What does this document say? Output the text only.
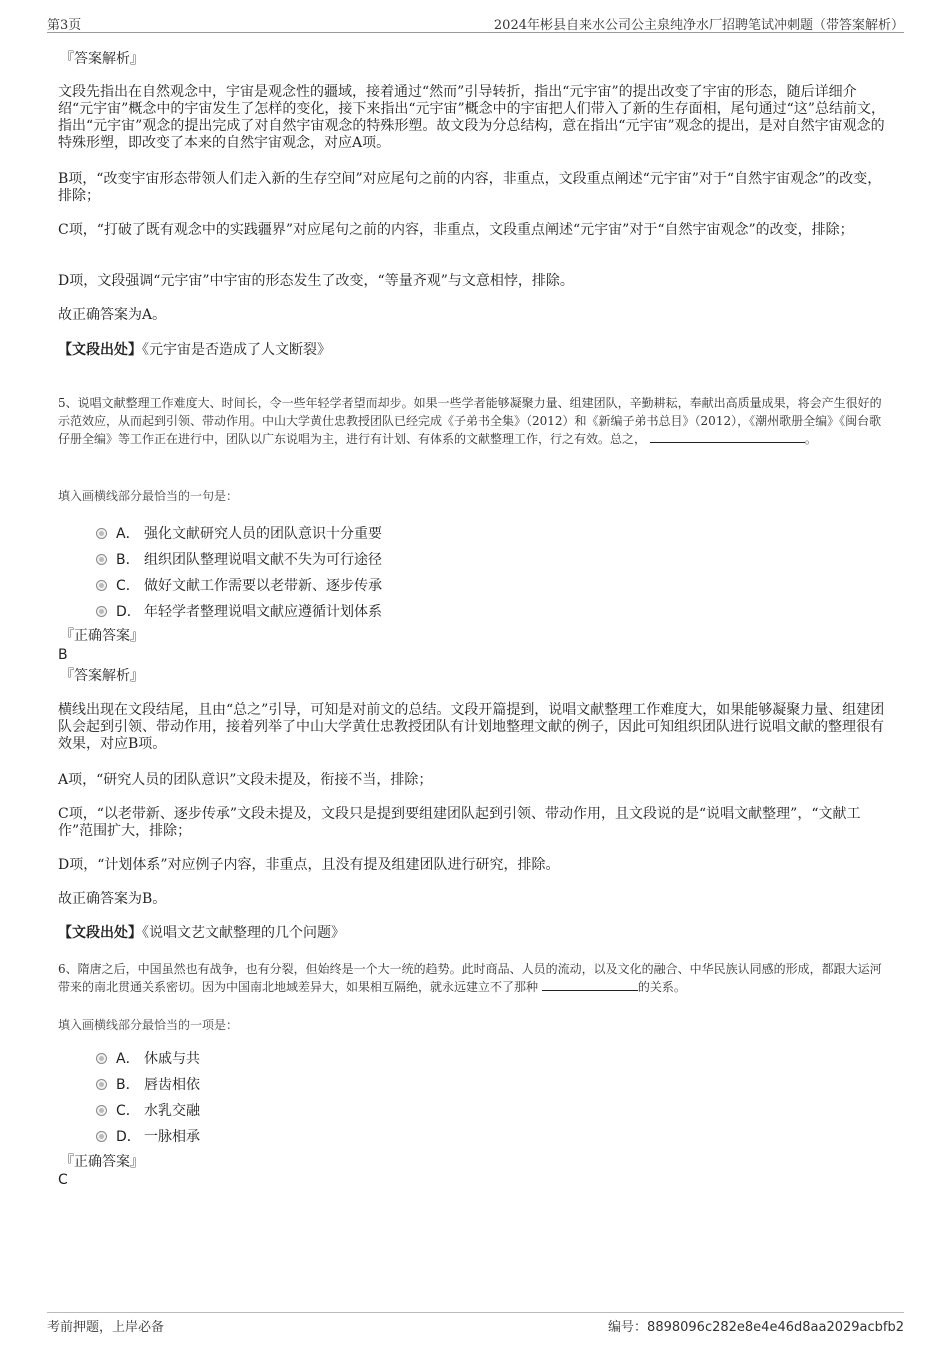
第3页	2024年彬县自来水公司公主泉纯净水厂招聘笔试冲刺题（带答案解析）
『答案解析』
文段先指出在自然观念中，宇宙是观念性的疆域，接着通过“然而”引导转折，指出“元宇宙”的提出改变了宇宙的形态，随后详细介绍“元宇宙”概念中的宇宙发生了怎样的变化，接下来指出“元宇宙”概念中的宇宙把人们带入了新的生存面相，尾句通过“这”总结前文，指出“元宇宙”观念的提出完成了对自然宇宙观念的特殊形塑。故文段为分总结构，意在指出“元宇宙”观念的提出，是对自然宇宙观念的特殊形塑，即改变了本来的自然宇宙观念，对应A项。
B项，“改变宇宙形态带领人们走入新的生存空间”对应尾句之前的内容，非重点，文段重点阐述“元宇宙”对于“自然宇宙观念”的改变，排除；
C项，“打破了既有观念中的实践疆界”对应尾句之前的内容，非重点，文段重点阐述“元宇宙”对于“自然宇宙观念”的改变，排除；
D项，文段强调“元宇宙”中宇宙的形态发生了改变，“等量齐观”与文意相悖，排除。
故正确答案为A。
【文段出处】《元宇宙是否造成了人文断裂》
5、说唱文献整理工作难度大、时间长，令一些年轻学者望而却步。如果一些学者能够凝聚力量、组建团队，辛勤耕耘，奉献出高质量成果，将会产生很好的示范效应，从而起到引领、带动作用。中山大学黄仕忠教授团队已经完成《子弟书全集》（2012）和《新编子弟书总目》（2012），《潮州歌册全编》《闽台歌仔册全编》等工作正在进行中，团队以广东说唱为主，进行有计划、有体系的文献整理工作，行之有效。总之，	。
填入画横线部分最恰当的一句是：
A． 强化文献研究人员的团队意识十分重要
B． 组织团队整理说唱文献不失为可行途径
C． 做好文献工作需要以老带新、逐步传承
D． 年轻学者整理说唱文献应遵循计划体系
『正确答案』
B
『答案解析』
横线出现在文段结尾，且由“总之”引导，可知是对前文的总结。文段开篇提到，说唱文献整理工作难度大，如果能够凝聚力量、组建团队会起到引领、带动作用，接着列举了中山大学黄仕忠教授团队有计划地整理文献的例子，因此可知组织团队进行说唱文献的整理很有效果，对应B项。
A项，“研究人员的团队意识”文段未提及，衔接不当，排除；
C项，“以老带新、逐步传承”文段未提及，文段只是提到要组建团队起到引领、带动作用，且文段说的是“说唱文献整理”，“文献工作”范围扩大，排除；
D项，“计划体系”对应例子内容，非重点，且没有提及组建团队进行研究，排除。
故正确答案为B。
【文段出处】《说唱文艺文献整理的几个问题》
6、隋唐之后，中国虽然也有战争，也有分裂，但始终是一个大一统的趋势。此时商品、人员的流动，以及文化的融合、中华民族认同感的形成，都跟大运河带来的南北贯通关系密切。因为中国南北地域差异大，如果相互隔绝，就永远建立不了那种	的关系。
填入画横线部分最恰当的一项是：
A． 休戚与共
B． 唇齿相依
C． 水乳交融
D． 一脉相承
『正确答案』
C
考前押题，上岸必备	编号：8898096c282e8e4e46d8aa2029acbfb2
